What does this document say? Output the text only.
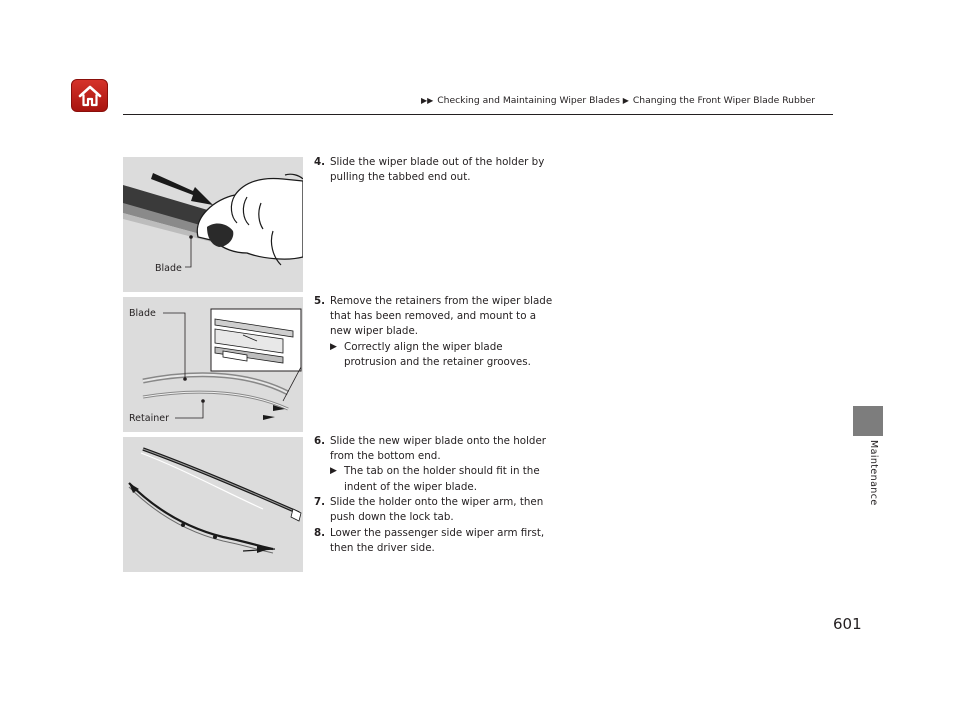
▶▶ Checking and Maintaining Wiper Blades ▶ Changing the Front Wiper Blade Rubber
Maintenance
Blade
Blade
Retainer
4. Slide the wiper blade out of the holder by
pulling the tabbed end out.
5. Remove the retainers from the wiper blade
that has been removed, and mount to a
new wiper blade.
▶ Correctly align the wiper blade
protrusion and the retainer grooves.
6. Slide the new wiper blade onto the holder
from the bottom end.
▶ The tab on the holder should fit in the
indent of the wiper blade.
7. Slide the holder onto the wiper arm, then
push down the lock tab.
8. Lower the passenger side wiper arm first,
then the driver side.
601
